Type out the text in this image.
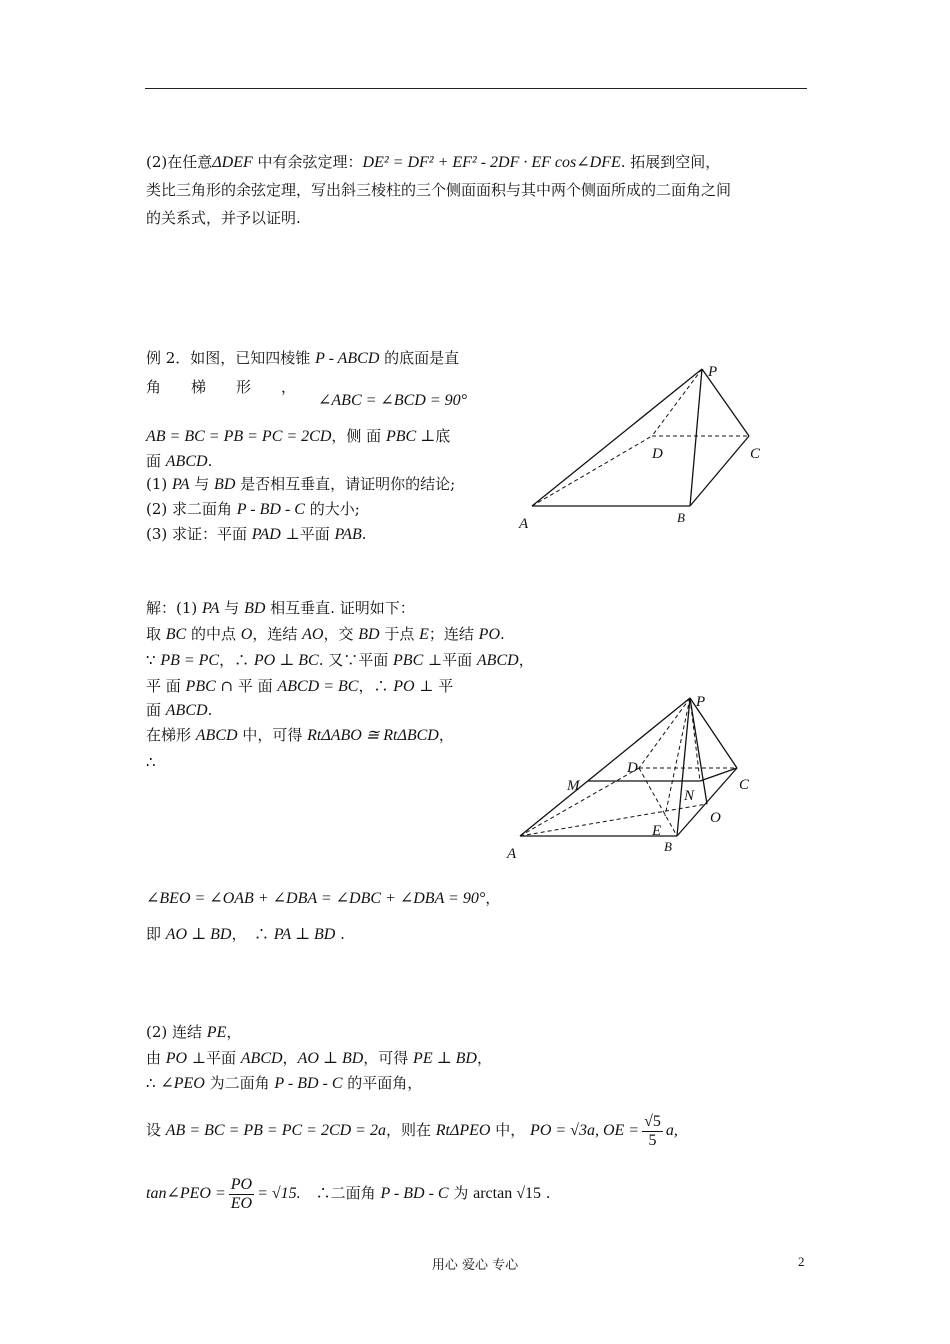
(2)在任意ΔDEF 中有余弦定理：DE² = DF² + EF² - 2DF · EF cos∠DFE. 拓展到空间，
类比三角形的余弦定理，写出斜三棱柱的三个侧面面积与其中两个侧面所成的二面角之间
的关系式，并予以证明.
例 2．如图，已知四棱锥 P - ABCD 的底面是直
角　　梯　　形　　，
∠ABC = ∠BCD = 90°
AB = BC = PB = PC = 2CD，侧 面 PBC ⊥底
面 ABCD.
(1) PA 与 BD 是否相互垂直，请证明你的结论;
(2) 求二面角 P - BD - C 的大小;
(3) 求证：平面 PAD ⊥平面 PAB.
P
D	C
A	B
P
D
M
N
C
O
E
A	B
解：(1) PA 与 BD 相互垂直. 证明如下：
取 BC 的中点 O，连结 AO，交 BD 于点 E；连结 PO.
∵ PB = PC，∴ PO ⊥ BC. 又∵平面 PBC ⊥平面 ABCD，
平 面 PBC ∩ 平 面 ABCD = BC，∴ PO ⊥ 平
面 ABCD.
在梯形 ABCD 中，可得 RtΔABO ≅ RtΔBCD，
∴
∠BEO = ∠OAB + ∠DBA = ∠DBC + ∠DBA = 90°，
即 AO ⊥ BD，　∴ PA ⊥ BD .
(2) 连结 PE，
由 PO ⊥平面 ABCD，AO ⊥ BD，可得 PE ⊥ BD，
∴ ∠PEO 为二面角 P - BD - C 的平面角，
设 AB = BC = PB = PC = 2CD = 2a，则在 RtΔPEO 中， PO = √3a, OE = $\frac{√5}{5} a$,
tan∠PEO = $\frac{PO}{EO} = √15$.　∴二面角 P - BD - C 为 arctan √15 .
用心 爱心 专心	2
